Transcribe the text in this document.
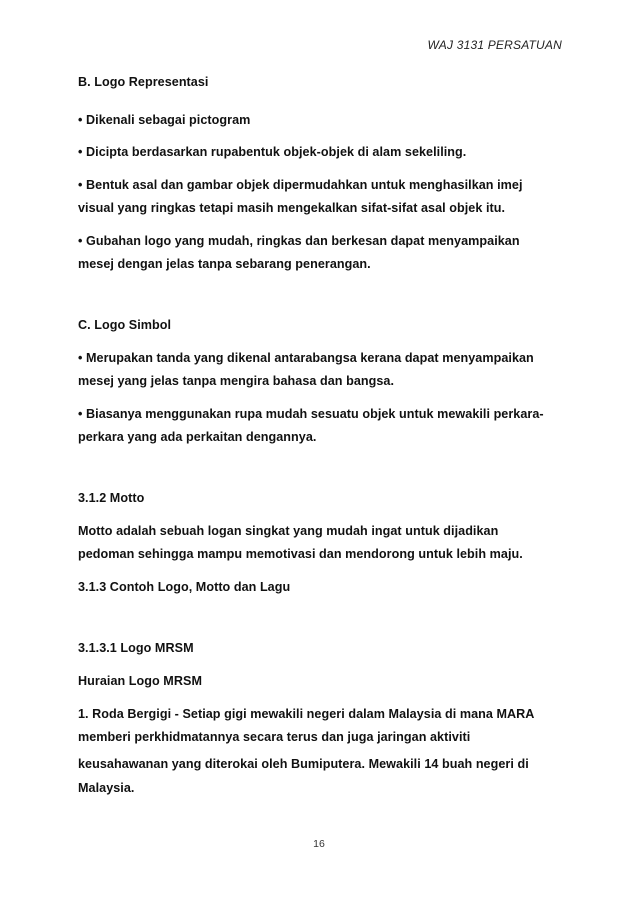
WAJ 3131 PERSATUAN
B. Logo Representasi
• Dikenali sebagai pictogram
• Dicipta berdasarkan rupabentuk objek-objek di alam sekeliling.
• Bentuk asal dan gambar objek dipermudahkan untuk menghasilkan imej
visual yang ringkas tetapi masih mengekalkan sifat-sifat asal objek itu.
• Gubahan logo yang mudah, ringkas dan berkesan dapat menyampaikan
mesej dengan jelas tanpa sebarang penerangan.
C. Logo Simbol
• Merupakan tanda yang dikenal antarabangsa kerana dapat menyampaikan
mesej yang jelas tanpa mengira bahasa dan bangsa.
• Biasanya menggunakan rupa mudah sesuatu objek untuk mewakili perkara-
perkara yang ada perkaitan dengannya.
3.1.2 Motto
Motto adalah sebuah logan singkat yang mudah ingat untuk dijadikan
pedoman sehingga mampu memotivasi dan mendorong untuk lebih maju.
3.1.3 Contoh Logo, Motto dan Lagu
3.1.3.1 Logo MRSM
Huraian Logo MRSM
1. Roda Bergigi - Setiap gigi mewakili negeri dalam Malaysia di mana MARA
memberi perkhidmatannya secara terus dan juga jaringan aktiviti
keusahawanan yang diterokai oleh Bumiputera. Mewakili 14 buah negeri di
Malaysia.
16
